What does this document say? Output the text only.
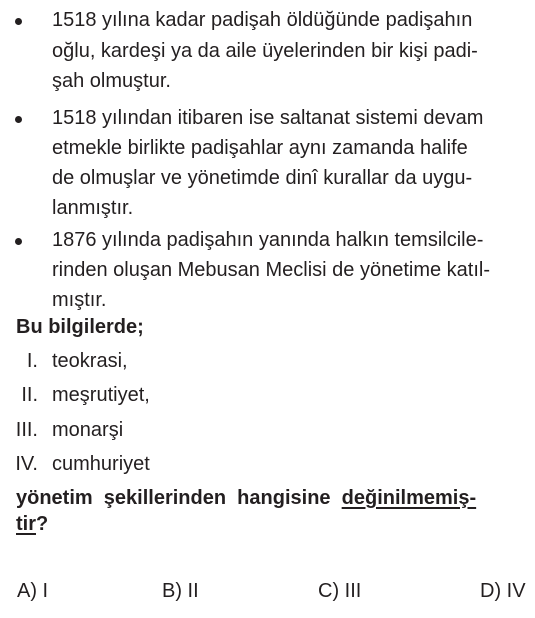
1518 yılına kadar padişah öldüğünde padişahın
oğlu, kardeşi ya da aile üyelerinden bir kişi padi-
şah olmuştur.
1518 yılından itibaren ise saltanat sistemi devam
etmekle birlikte padişahlar aynı zamanda halife
de olmuşlar ve yönetimde dinî kurallar da uygu-
lanmıştır.
1876 yılında padişahın yanında halkın temsilcile-
rinden oluşan Mebusan Meclisi de yönetime katıl-
mıştır.
Bu bilgilerde;
I. teokrasi,
II. meşrutiyet,
III. monarşi
IV. cumhuriyet
yönetim  şekillerinden  hangisine  değinilmemiş-
tir?
A) I	B) II	C) III	D) IV
